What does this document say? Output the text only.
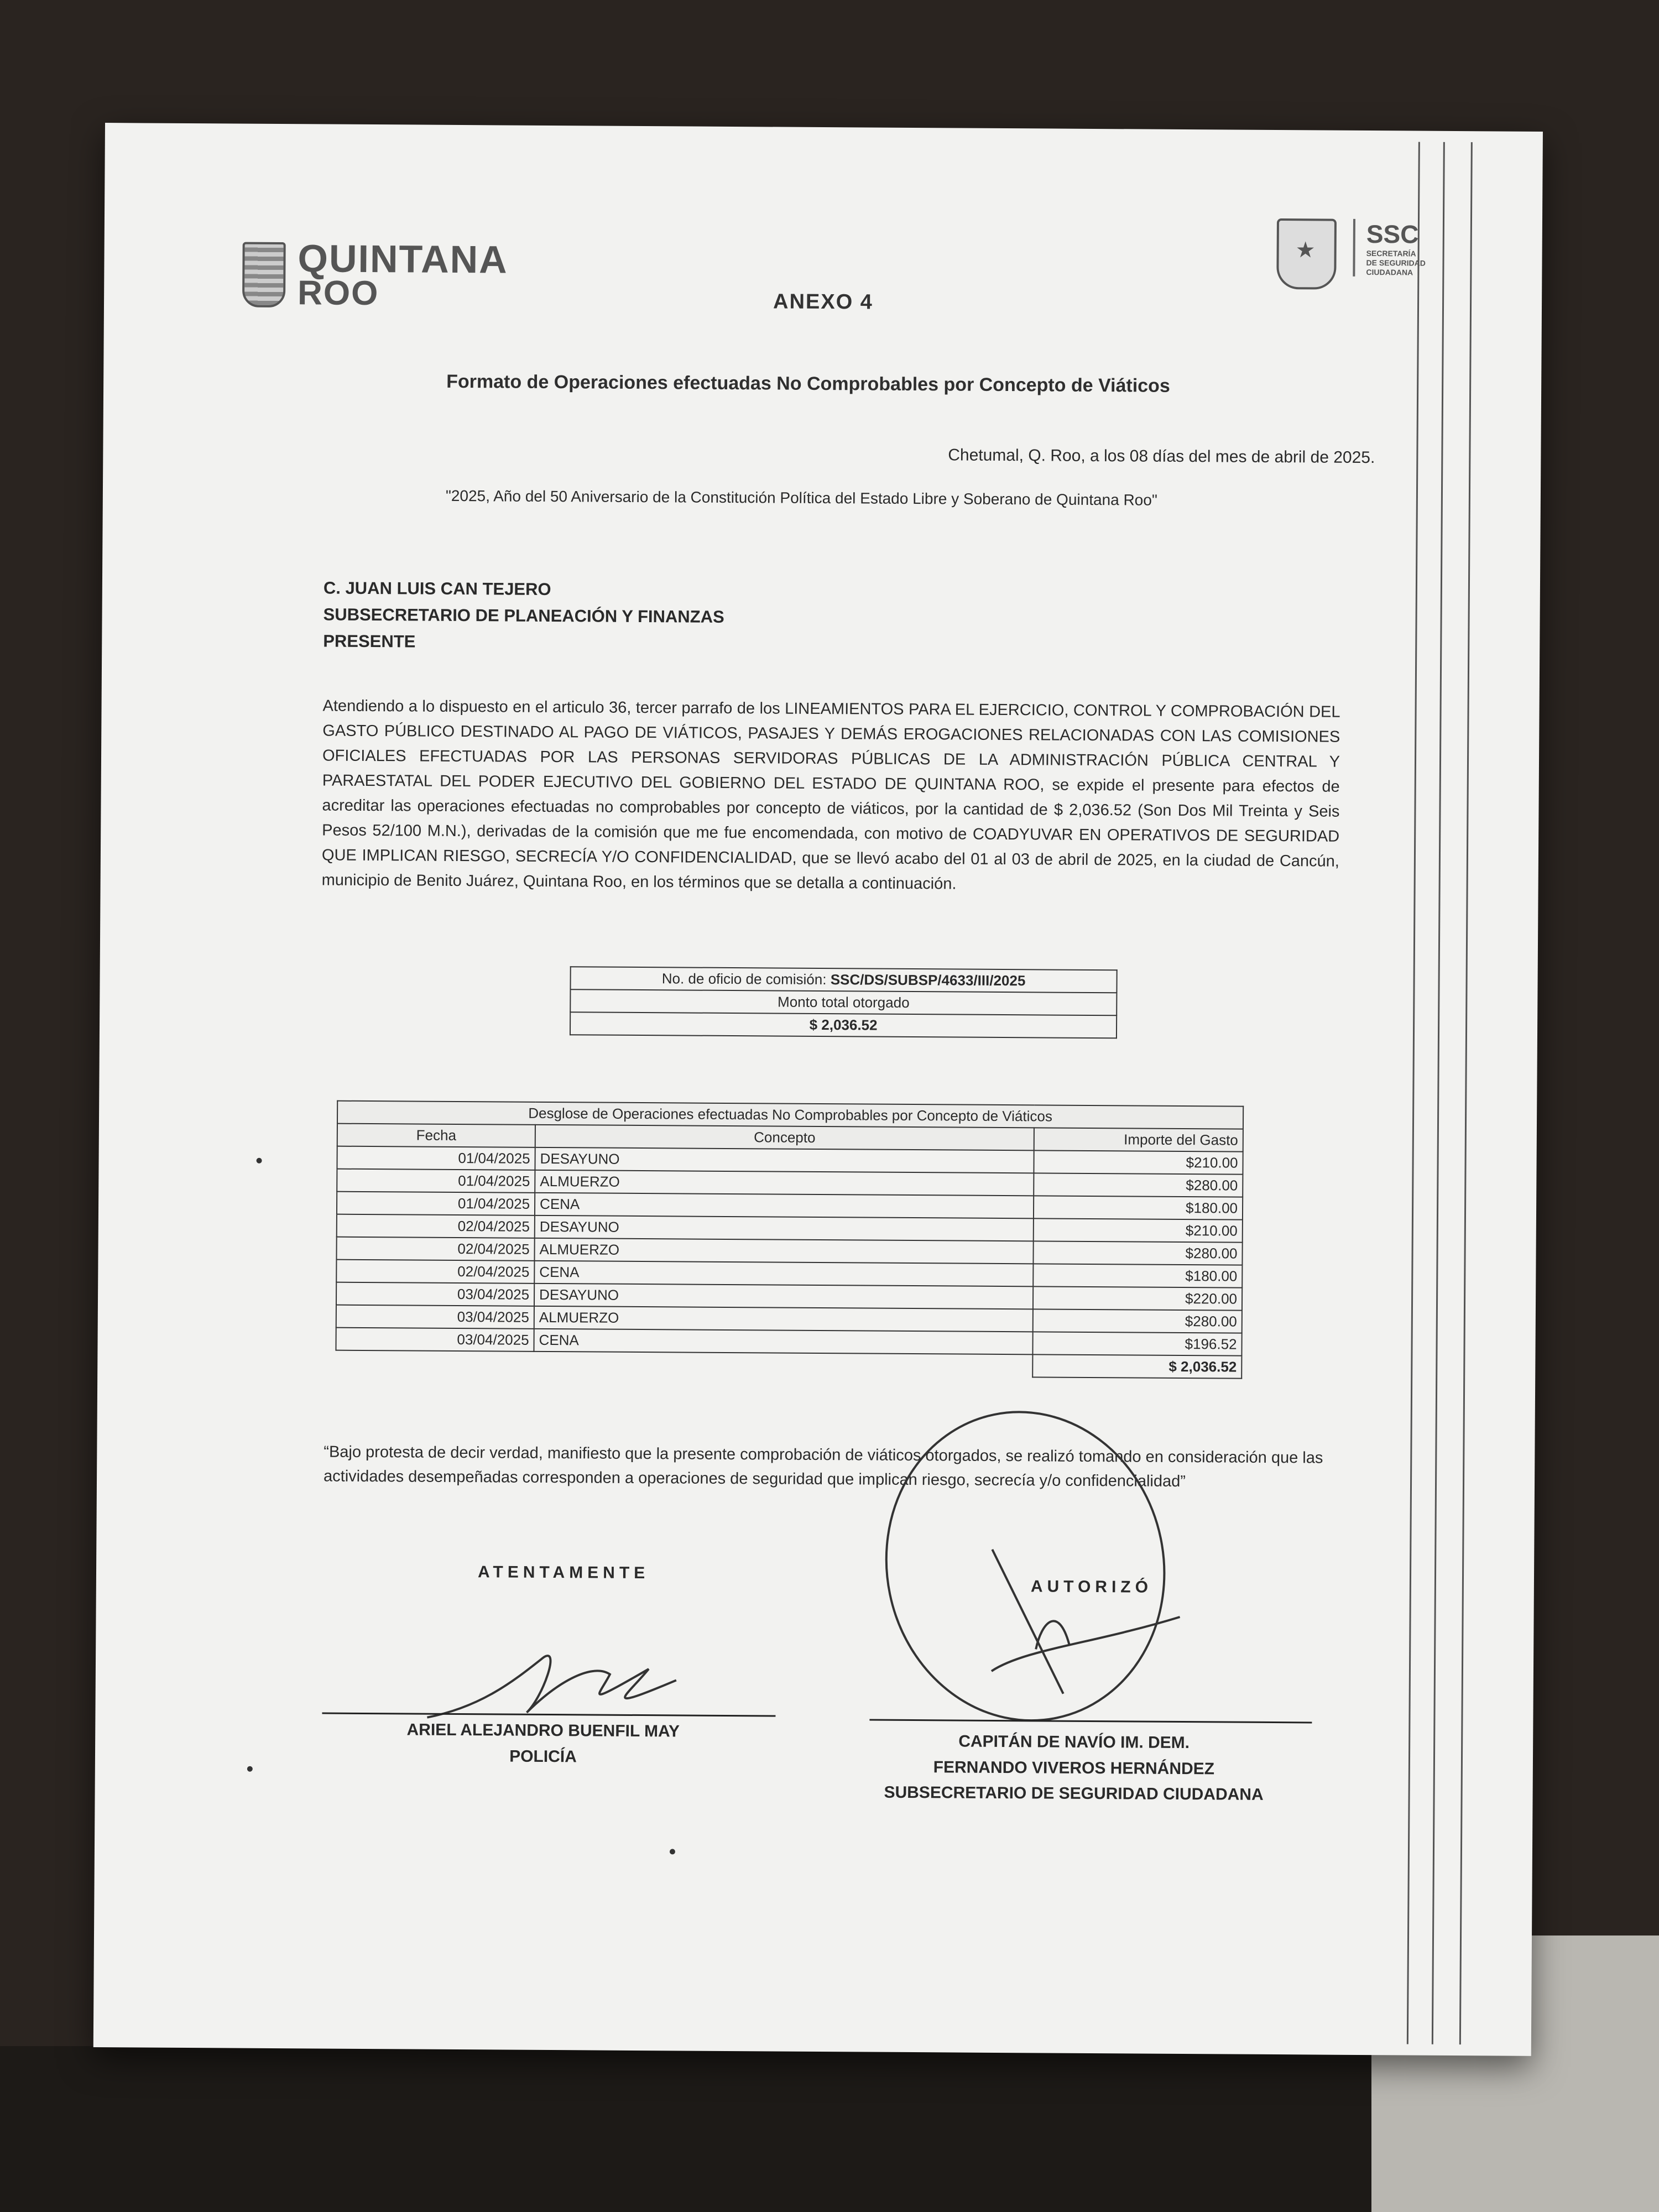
QUINTANA
ROO
★
SSC
SECRETARÍA DE SEGURIDAD CIUDADANA
ANEXO 4
Formato de Operaciones efectuadas No Comprobables por Concepto de Viáticos
Chetumal, Q. Roo, a los 08 días del mes de abril de 2025.
"2025, Año del 50 Aniversario de la Constitución Política del Estado Libre y Soberano de Quintana Roo"
C. JUAN LUIS CAN TEJERO
SUBSECRETARIO DE PLANEACIÓN Y FINANZAS
PRESENTE
Atendiendo a lo dispuesto en el articulo 36, tercer parrafo de los LINEAMIENTOS PARA EL EJERCICIO, CONTROL Y COMPROBACIÓN DEL GASTO PÚBLICO DESTINADO AL PAGO DE VIÁTICOS, PASAJES Y DEMÁS EROGACIONES RELACIONADAS CON LAS COMISIONES OFICIALES EFECTUADAS POR LAS PERSONAS SERVIDORAS PÚBLICAS DE LA ADMINISTRACIÓN PÚBLICA CENTRAL Y PARAESTATAL DEL PODER EJECUTIVO DEL GOBIERNO DEL ESTADO DE QUINTANA ROO, se expide el presente para efectos de acreditar las operaciones efectuadas no comprobables por concepto de viáticos, por la cantidad de $ 2,036.52 (Son Dos Mil Treinta y Seis Pesos 52/100 M.N.), derivadas de la comisión que me fue encomendada, con motivo de COADYUVAR EN OPERATIVOS DE SEGURIDAD QUE IMPLICAN RIESGO, SECRECÍA Y/O CONFIDENCIALIDAD, que se llevó acabo del 01 al 03 de abril de 2025, en la ciudad de Cancún, municipio de Benito Juárez, Quintana Roo, en los términos que se detalla a continuación.
No. de oficio de comisión: SSC/DS/SUBSP/4633/III/2025
Monto total otorgado
$ 2,036.52
Desglose de Operaciones efectuadas No Comprobables por Concepto de Viáticos		
Fecha	Concepto	Importe del Gasto
01/04/2025	DESAYUNO	$210.00
01/04/2025	ALMUERZO	$280.00
01/04/2025	CENA	$180.00
02/04/2025	DESAYUNO	$210.00
02/04/2025	ALMUERZO	$280.00
02/04/2025	CENA	$180.00
03/04/2025	DESAYUNO	$220.00
03/04/2025	ALMUERZO	$280.00
03/04/2025	CENA	$196.52
		$ 2,036.52
“Bajo protesta de decir verdad, manifiesto que la presente comprobación de viáticos otorgados, se realizó tomando en consideración que las actividades desempeñadas corresponden a operaciones de seguridad que implican riesgo, secrecía y/o confidencialidad”
ATENTAMENTE
AUTORIZÓ
ARIEL ALEJANDRO BUENFIL MAY
POLICÍA
CAPITÁN DE NAVÍO IM. DEM.
FERNANDO VIVEROS HERNÁNDEZ
SUBSECRETARIO DE SEGURIDAD CIUDADANA
